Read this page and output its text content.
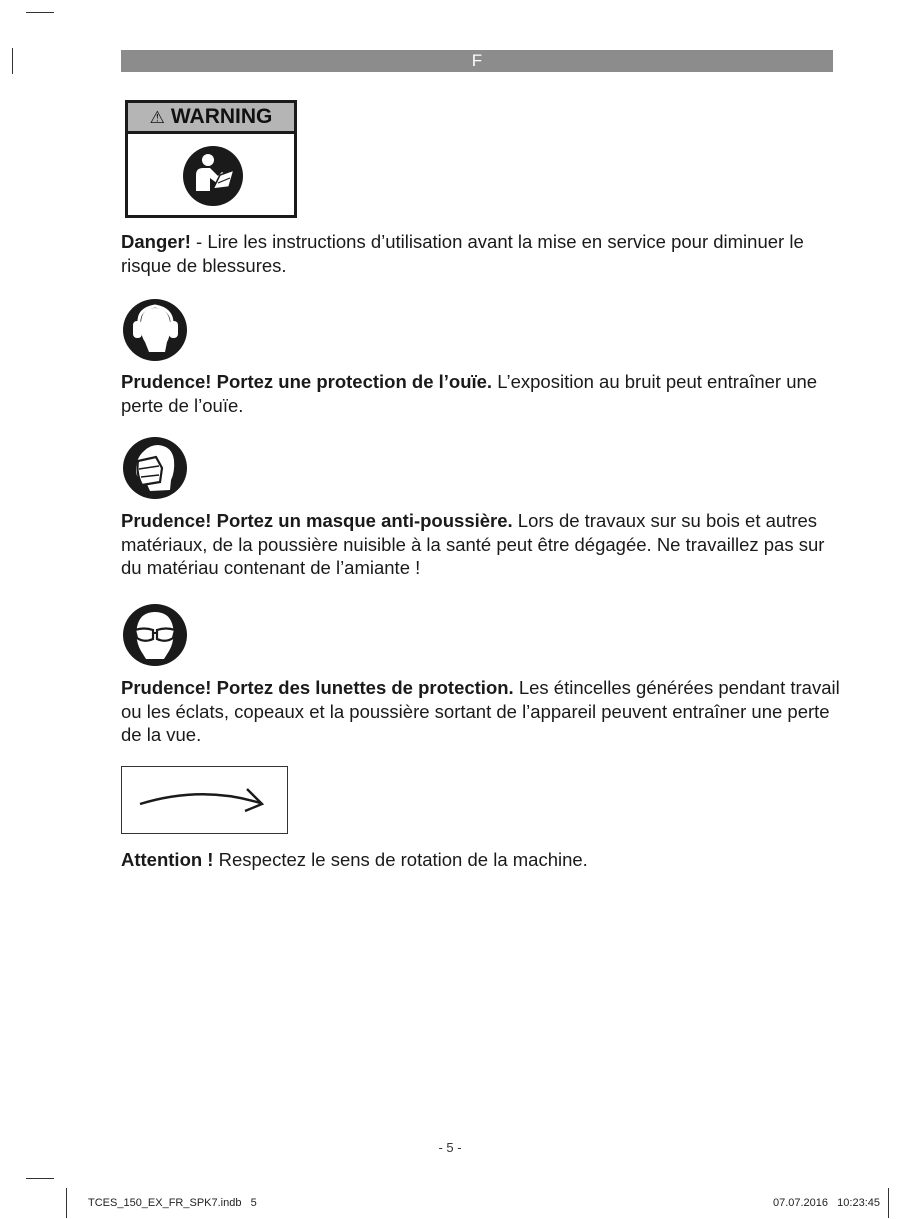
F
⚠ WARNING
Danger! - Lire les instructions d’utilisation avant la mise en service pour diminuer le risque de blessures.
Prudence! Portez une protection de l’ouïe. L’exposition au bruit peut entraîner une perte de l’ouïe.
Prudence! Portez un masque anti-poussière. Lors de travaux sur su bois et autres matériaux, de la poussière nuisible à la santé peut être dégagée. Ne travaillez pas sur du matériau contenant de l’amiante !
Prudence! Portez des lunettes de protection. Les étincelles générées pendant travail ou les éclats, copeaux et la poussière sortant de l’appareil peuvent entraîner une perte de la vue.
Attention ! Respectez le sens de rotation de la machine.
- 5 -
TCES_150_EX_FR_SPK7.indb   5	07.07.2016   10:23:45
